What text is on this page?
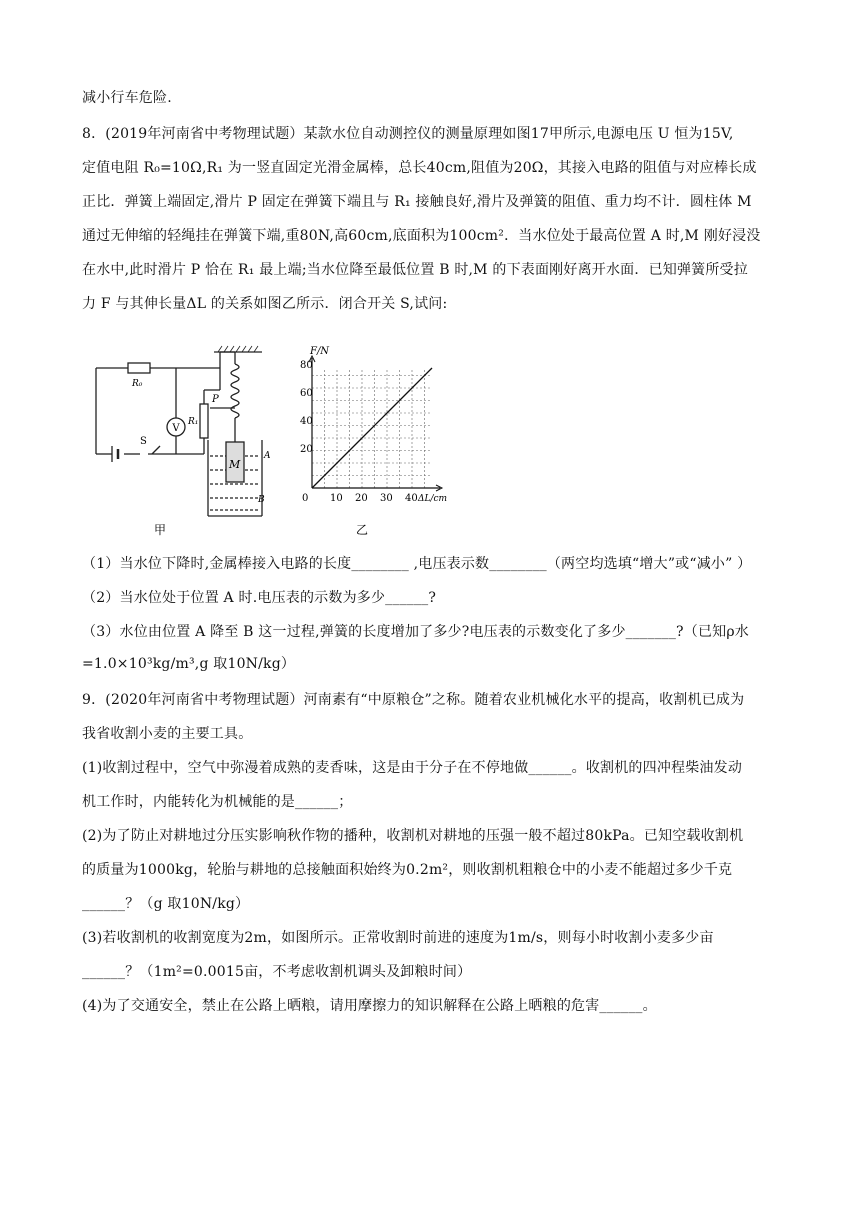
减小行车危险.
8．(2019年河南省中考物理试题）某款水位自动测控仪的测量原理如图17甲所示,电源电压 U 恒为15V,
定值电阻 R₀=10Ω,R₁ 为一竖直固定光滑金属棒，总长40cm,阻值为20Ω，其接入电路的阻值与对应棒长成
正比．弹簧上端固定,滑片 P 固定在弹簧下端且与 R₁ 接触良好,滑片及弹簧的阻值、重力均不计．圆柱体 M
通过无伸缩的轻绳挂在弹簧下端,重80N,高60cm,底面积为100cm²．当水位处于最高位置 A 时,M 刚好浸没
在水中,此时滑片 P 恰在 R₁ 最上端;当水位降至最低位置 B 时,M 的下表面刚好离开水面．已知弹簧所受拉
力 F 与其伸长量ΔL 的关系如图乙所示．闭合开关 S,试问:
V
R₀
R₁
P
S
M
A
B
甲
F/N
ΔL/cm
0
80
60
40
20
10 20 30 40
乙
（1）当水位下降时,金属棒接入电路的长度________ ,电压表示数________（两空均选填“增大”或“减小” ）
（2）当水位处于位置 A 时.电压表的示数为多少______?
（3）水位由位置 A 降至 B 这一过程,弹簧的长度增加了多少?电压表的示数变化了多少_______?（已知ρ水
=1.0×10³kg/m³,g 取10N/kg）
9．(2020年河南省中考物理试题）河南素有“中原粮仓”之称。随着农业机械化水平的提高，收割机已成为
我省收割小麦的主要工具。
(1)收割过程中，空气中弥漫着成熟的麦香味，这是由于分子在不停地做______。收割机的四冲程柴油发动
机工作时，内能转化为机械能的是______；
(2)为了防止对耕地过分压实影响秋作物的播种，收割机对耕地的压强一般不超过80kPa。已知空载收割机
的质量为1000kg，轮胎与耕地的总接触面积始终为0.2m²，则收割机粗粮仓中的小麦不能超过多少千克
______？（g 取10N/kg）
(3)若收割机的收割宽度为2m，如图所示。正常收割时前进的速度为1m/s，则每小时收割小麦多少亩
______？（1m²=0.0015亩，不考虑收割机调头及卸粮时间）
(4)为了交通安全，禁止在公路上晒粮，请用摩擦力的知识解释在公路上晒粮的危害______。
